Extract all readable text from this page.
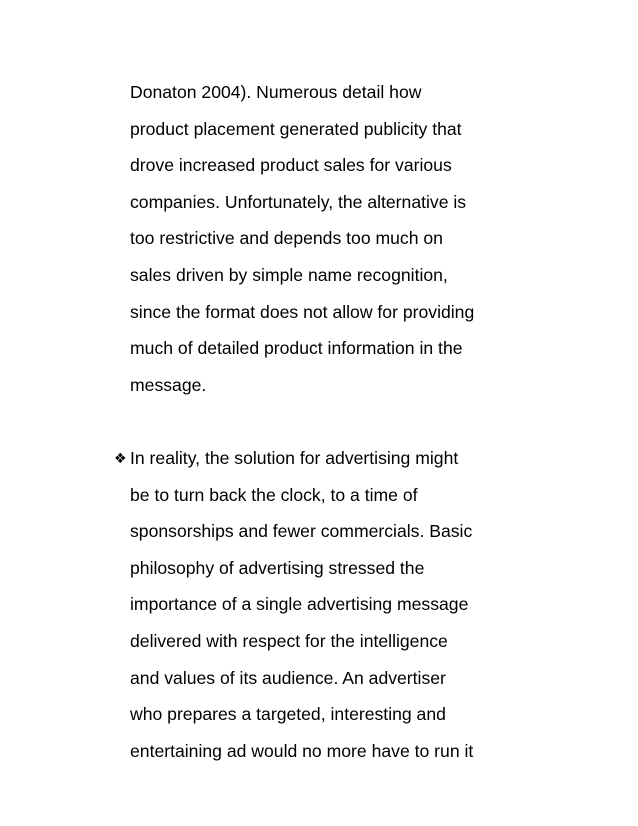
Donaton 2004). Numerous detail how
product placement generated publicity that
drove increased product sales for various
companies. Unfortunately, the alternative is
too restrictive and depends too much on
sales driven by simple name recognition,
since the format does not allow for providing
much of detailed product information in the
message.
❖ In reality, the solution for advertising might
be to turn back the clock, to a time of
sponsorships and fewer commercials. Basic
philosophy of advertising stressed the
importance of a single advertising message
delivered with respect for the intelligence
and values of its audience. An advertiser
who prepares a targeted, interesting and
entertaining ad would no more have to run it
